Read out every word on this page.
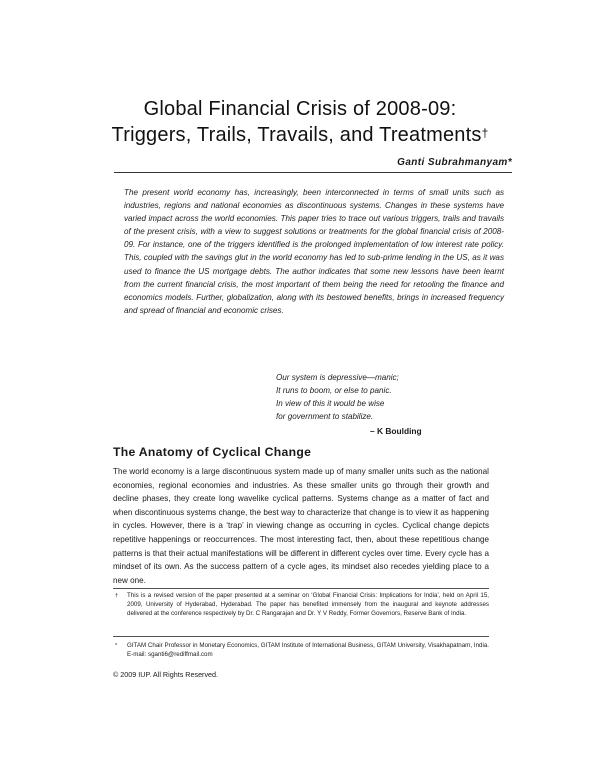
Global Financial Crisis of 2008-09:
Triggers, Trails, Travails, and Treatments†
Ganti Subrahmanyam*
The present world economy has, increasingly, been interconnected in terms of small units such as industries, regions and national economies as discontinuous systems. Changes in these systems have varied impact across the world economies. This paper tries to trace out various triggers, trails and travails of the present crisis, with a view to suggest solutions or treatments for the global financial crisis of 2008-09. For instance, one of the triggers identified is the prolonged implementation of low interest rate policy. This, coupled with the savings glut in the world economy has led to sub-prime lending in the US, as it was used to finance the US mortgage debts. The author indicates that some new lessons have been learnt from the current financial crisis, the most important of them being the need for retooling the finance and economics models. Further, globalization, along with its bestowed benefits, brings in increased frequency and spread of financial and economic crises.
Our system is depressive—manic;
It runs to boom, or else to panic.
In view of this it would be wise
for government to stabilize.
– K Boulding
The Anatomy of Cyclical Change
The world economy is a large discontinuous system made up of many smaller units such as the national economies, regional economies and industries. As these smaller units go through their growth and decline phases, they create long wavelike cyclical patterns. Systems change as a matter of fact and when discontinuous systems change, the best way to characterize that change is to view it as happening in cycles. However, there is a ‘trap’ in viewing change as occurring in cycles. Cyclical change depicts repetitive happenings or reoccurrences. The most interesting fact, then, about these repetitious change patterns is that their actual manifestations will be different in different cycles over time. Every cycle has a mindset of its own. As the success pattern of a cycle ages, its mindset also recedes yielding place to a new one.
† This is a revised version of the paper presented at a seminar on ‘Global Financial Crisis: Implications for India’, held on April 15, 2009, University of Hyderabad, Hyderabad. The paper has benefited immensely from the inaugural and keynote addresses delivered at the conference respectively by Dr. C Rangarajan and Dr. Y V Reddy, Former Governors, Reserve Bank of India.
* GITAM Chair Professor in Monetary Economics, GITAM Institute of International Business, GITAM University, Visakhapatnam, India. E-mail: sganti6@rediffmail.com
© 2009 IUP. All Rights Reserved.
